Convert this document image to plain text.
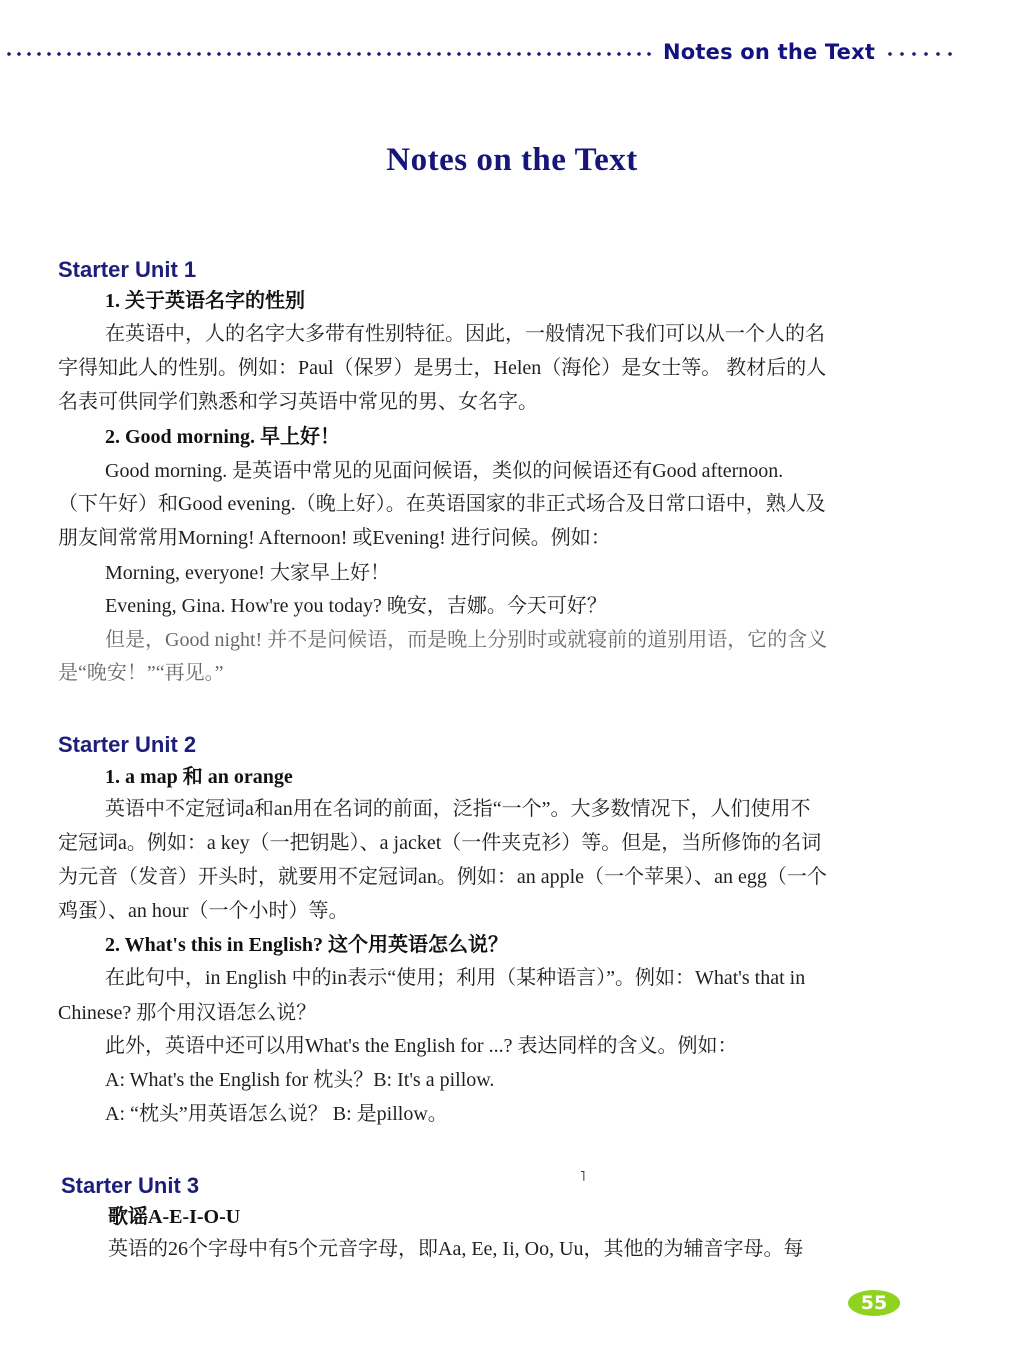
Notes on the Text
Notes on the Text
Starter Unit 1
1. 关于英语名字的性别
在英语中，人的名字大多带有性别特征。因此，一般情况下我们可以从一个人的名
字得知此人的性别。例如：Paul（保罗）是男士，Helen（海伦）是女士等。 教材后的人
名表可供同学们熟悉和学习英语中常见的男、女名字。
2. Good morning. 早上好！
Good morning. 是英语中常见的见面问候语，类似的问候语还有Good afternoon.
（下午好）和Good evening.（晚上好）。在英语国家的非正式场合及日常口语中，熟人及
朋友间常常用Morning! Afternoon! 或Evening! 进行问候。例如：
Morning, everyone! 大家早上好！
Evening, Gina. How're you today? 晚安，吉娜。今天可好？
但是，Good night! 并不是问候语，而是晚上分别时或就寝前的道别用语，它的含义
是“晚安！”“再见。”
Starter Unit 2
1. a map 和 an orange
英语中不定冠词a和an用在名词的前面，泛指“一个”。大多数情况下，人们使用不
定冠词a。例如：a key（一把钥匙）、a jacket（一件夹克衫）等。但是，当所修饰的名词
为元音（发音）开头时，就要用不定冠词an。例如：an apple（一个苹果）、an egg（一个
鸡蛋）、an hour（一个小时）等。
2. What's this in English? 这个用英语怎么说？
在此句中，in English 中的in表示“使用；利用（某种语言）”。例如：What's that in
Chinese? 那个用汉语怎么说？
此外，英语中还可以用What's the English for ...? 表达同样的含义。例如：
A: What's the English for 枕头？B: It's a pillow.
A: “枕头”用英语怎么说？ B: 是pillow。
˥
Starter Unit 3
歌谣A-E-I-O-U
英语的26个字母中有5个元音字母，即Aa, Ee, Ii, Oo, Uu，其他的为辅音字母。每
55
